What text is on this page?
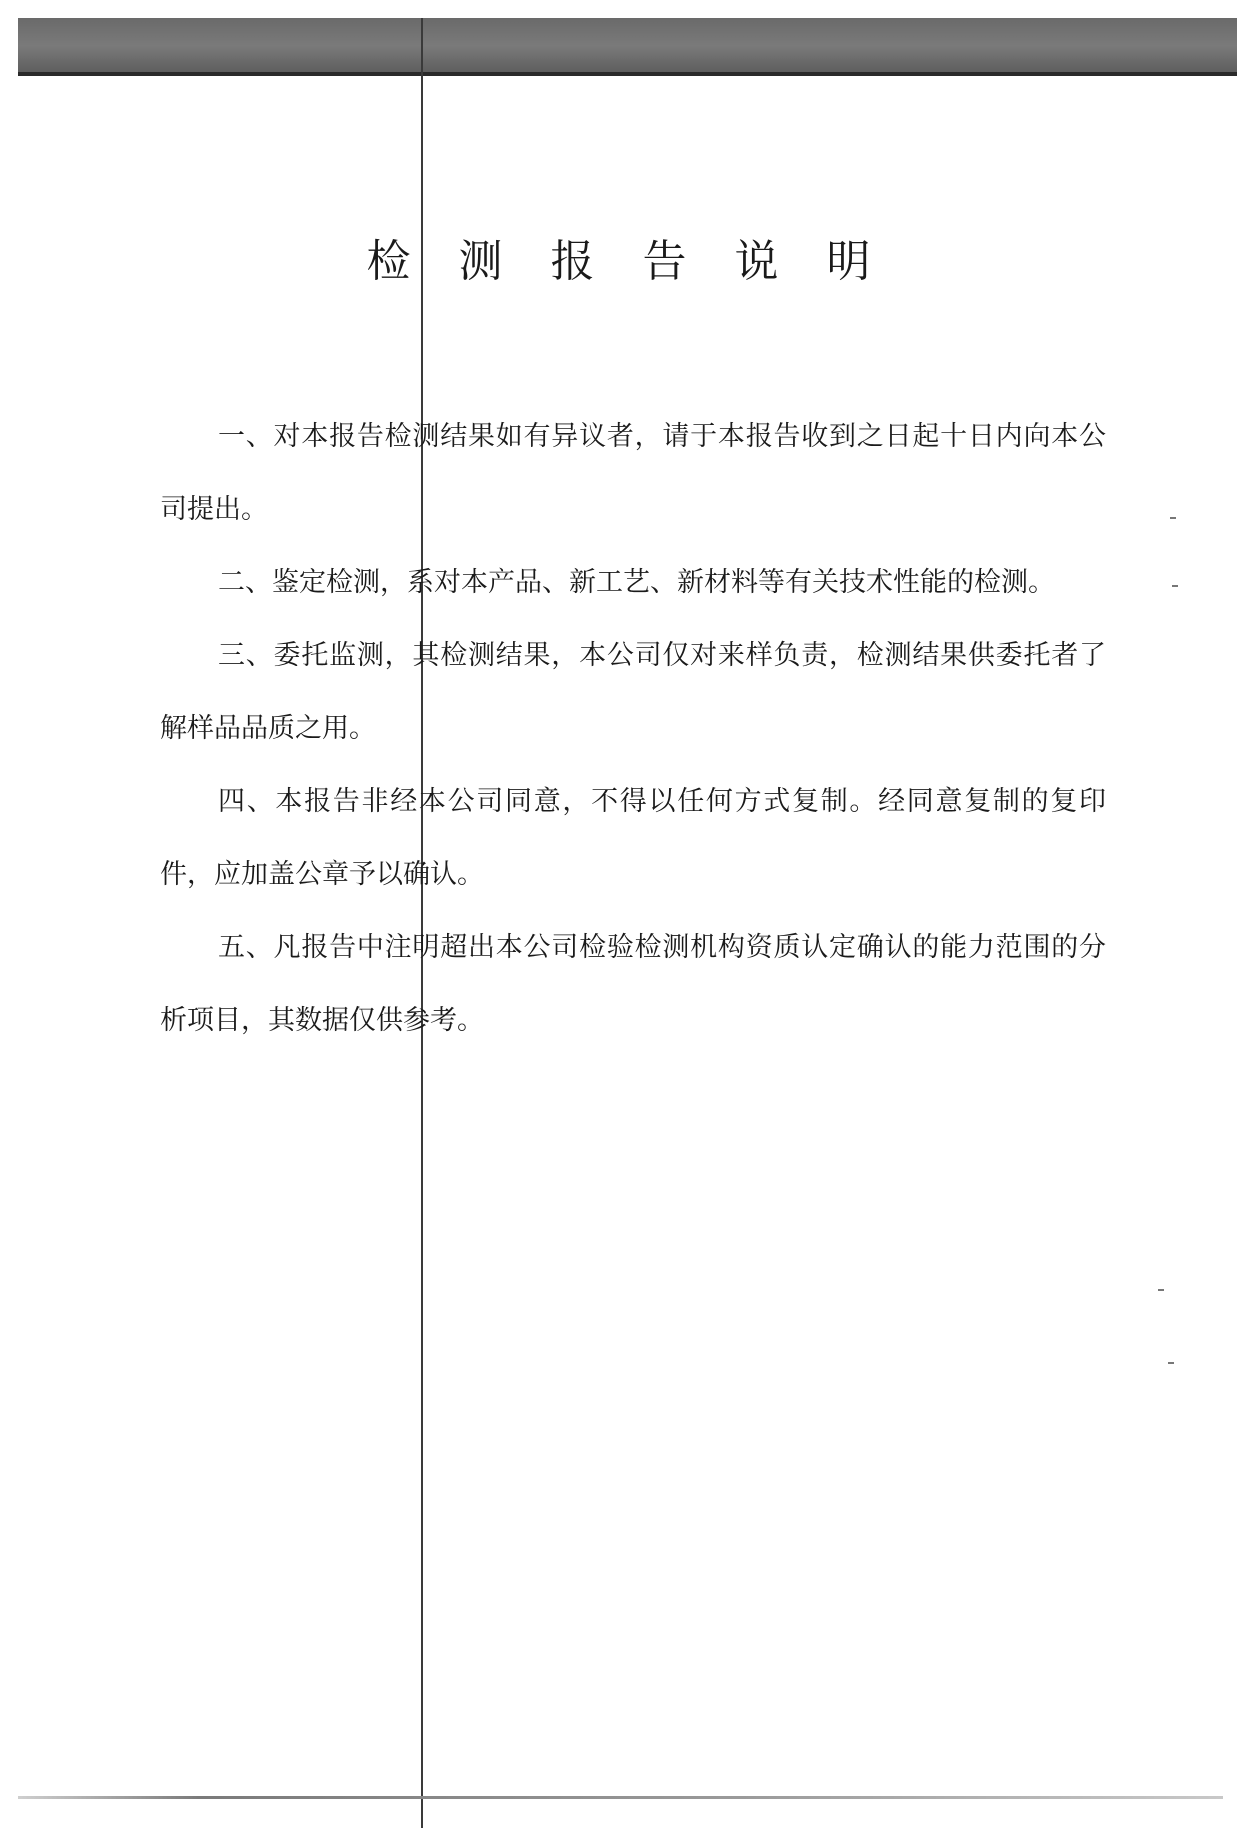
检测报告说明

一、对本报告检测结果如有异议者，请于本报告收到之日起十日内向本公司提出。

二、鉴定检测，系对本产品、新工艺、新材料等有关技术性能的检测。

三、委托监测，其检测结果，本公司仅对来样负责，检测结果供委托者了解样品品质之用。

四、本报告非经本公司同意，不得以任何方式复制。经同意复制的复印件，应加盖公章予以确认。

五、凡报告中注明超出本公司检验检测机构资质认定确认的能力范围的分析项目，其数据仅供参考。
